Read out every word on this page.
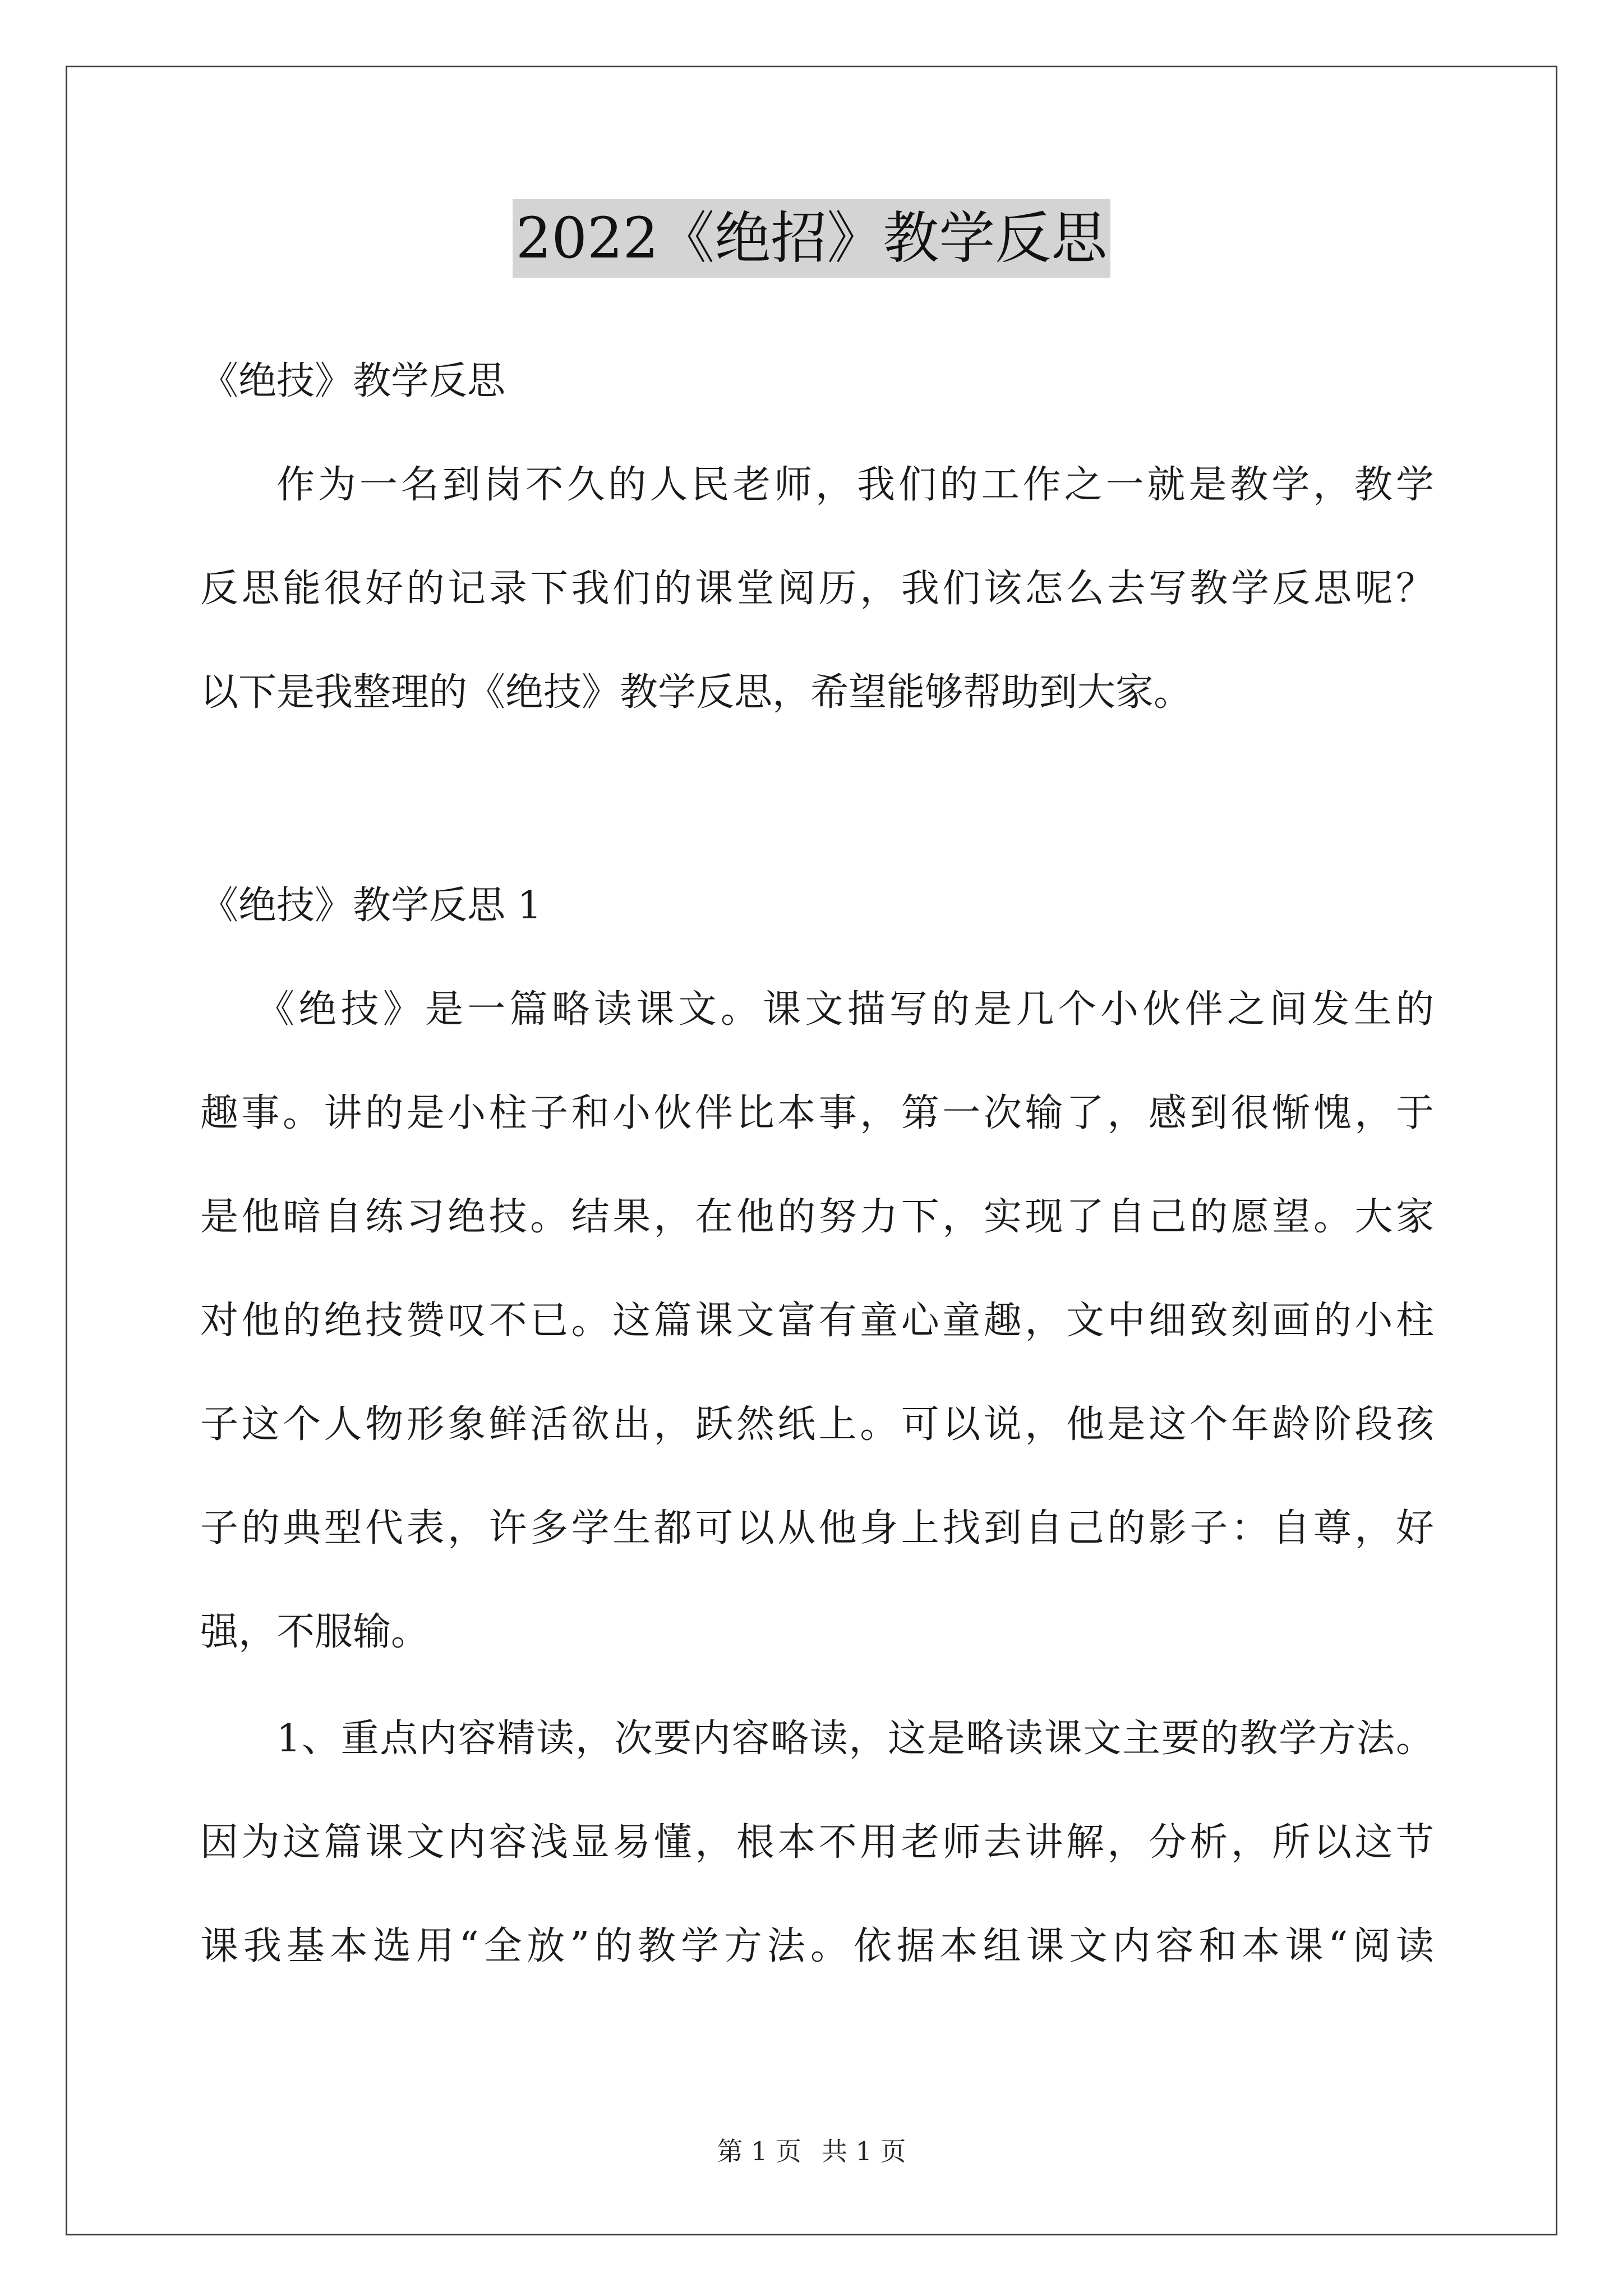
2022《绝招》教学反思
《绝技》教学反思
作为一名到岗不久的人民老师，我们的工作之一就是教学，教学
反思能很好的记录下我们的课堂阅历，我们该怎么去写教学反思呢？
以下是我整理的《绝技》教学反思，希望能够帮助到大家。
《绝技》教学反思 1
《绝技》是一篇略读课文。课文描写的是几个小伙伴之间发生的
趣事。讲的是小柱子和小伙伴比本事，第一次输了，感到很惭愧，于
是他暗自练习绝技。结果，在他的努力下，实现了自己的愿望。大家
对他的绝技赞叹不已。这篇课文富有童心童趣，文中细致刻画的小柱
子这个人物形象鲜活欲出，跃然纸上。可以说，他是这个年龄阶段孩
子的典型代表，许多学生都可以从他身上找到自己的影子：自尊，好
强，不服输。
1、重点内容精读，次要内容略读，这是略读课文主要的教学方法。
因为这篇课文内容浅显易懂，根本不用老师去讲解，分析，所以这节
课我基本选用“全放”的教学方法。依据本组课文内容和本课“阅读
第 1 页 共 1 页
